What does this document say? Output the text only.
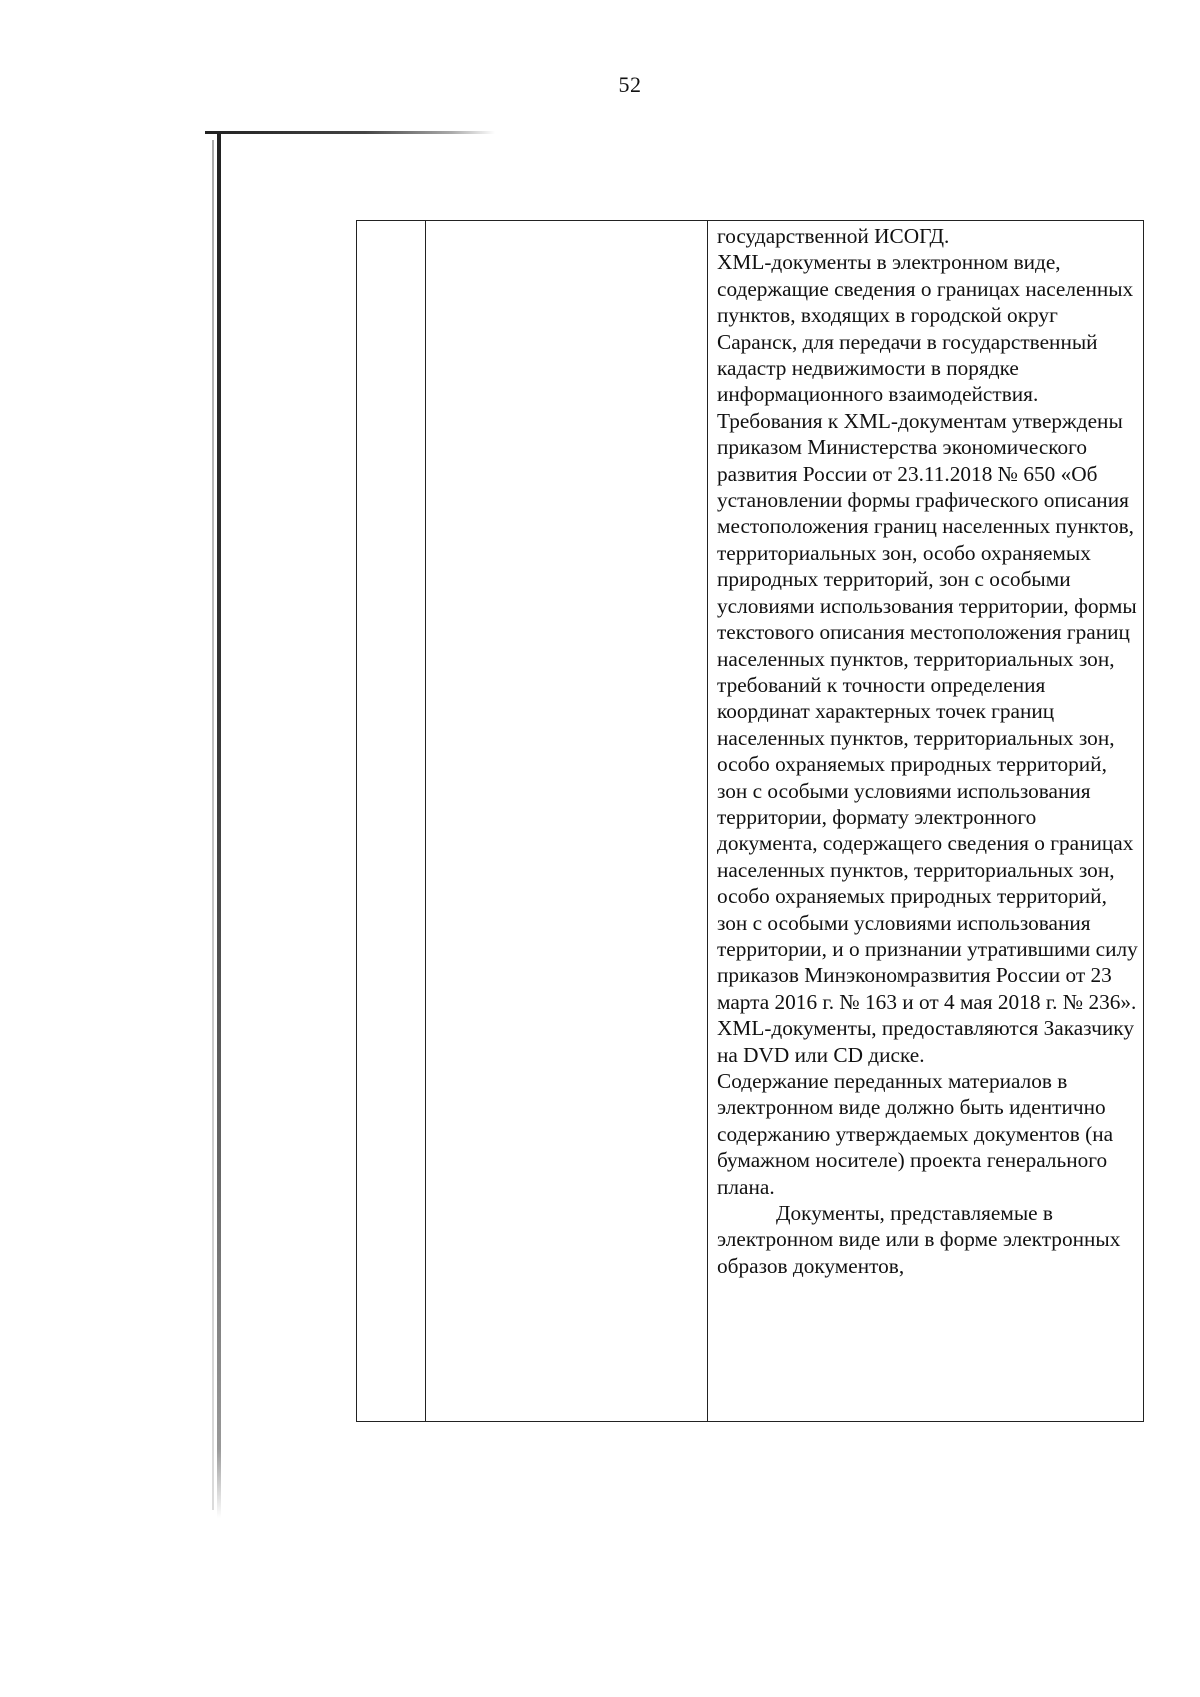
52

государственной ИСОГД.

XML-документы в электронном виде, содержащие сведения о границах населенных пунктов, входящих в городской округ Саранск, для передачи в государственный кадастр недвижимости в порядке информационного взаимодействия.

Требования к XML-документам утверждены приказом Министерства экономического развития России от 23.11.2018 № 650 «Об установлении формы графического описания местоположения границ населенных пунктов, территориальных зон, особо охраняемых природных территорий, зон с особыми условиями использования территории, формы текстового описания местоположения границ населенных пунктов, территориальных зон, требований к точности определения координат характерных точек границ населенных пунктов, территориальных зон, особо охраняемых природных территорий, зон с особыми условиями использования территории, формату электронного документа, содержащего сведения о границах населенных пунктов, территориальных зон, особо охраняемых природных территорий, зон с особыми условиями использования территории, и о признании утратившими силу приказов Минэкономразвития России от 23 марта 2016 г. № 163 и от 4 мая 2018 г. № 236».

XML-документы, предоставляются Заказчику на DVD или CD диске.

Содержание переданных материалов в электронном виде должно быть идентично содержанию утверждаемых документов (на бумажном носителе) проекта генерального плана.

Документы, представляемые в электронном виде или в форме электронных образов документов,
